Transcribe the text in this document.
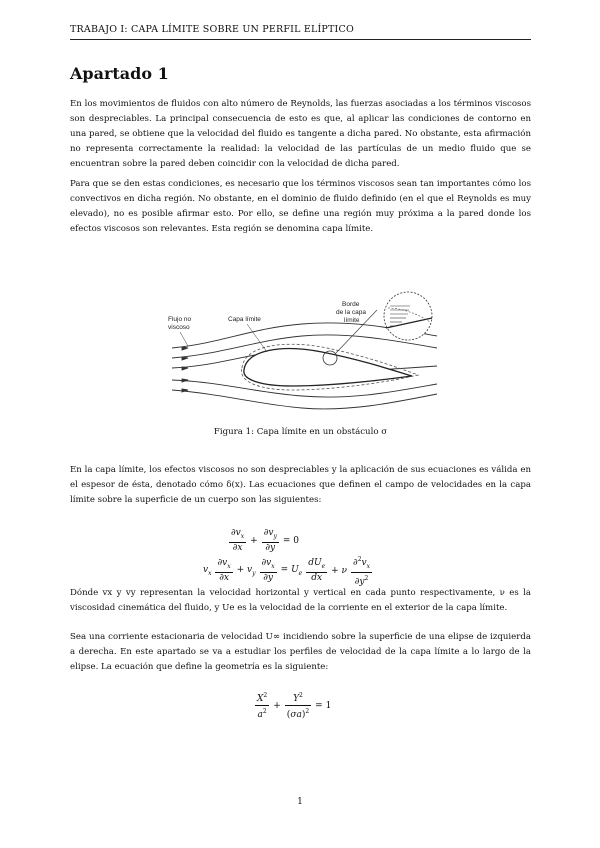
TRABAJO I: CAPA LÍMITE SOBRE UN PERFIL ELÍPTICO
Apartado 1

En los movimientos de fluidos con alto número de Reynolds, las fuerzas asociadas a los términos viscosos son despreciables. La principal consecuencia de esto es que, al aplicar las condiciones de contorno en una pared, se obtiene que la velocidad del fluido es tangente a dicha pared. No obstante, esta afirmación no representa correctamente la realidad: la velocidad de las partículas de un medio fluido que se encuentran sobre la pared deben coincidir con la velocidad de dicha pared.

Para que se den estas condiciones, es necesario que los términos viscosos sean tan importantes cómo los convectivos en dicha región. No obstante, en el dominio de fluido definido (en el que el Reynolds es muy elevado), no es posible afirmar esto. Por ello, se define una región muy próxima a la pared donde los efectos viscosos son relevantes. Esta región se denomina capa límite.

Flujo no
viscoso
Capa límite
Borde
de la capa
límite
Figura 1: Capa límite en un obstáculo σ

En la capa límite, los efectos viscosos no son despreciables y la aplicación de sus ecuaciones es válida en el espesor de ésta, denotado cómo δ(x). Las ecuaciones que definen el campo de velocidades en la capa límite sobre la superficie de un cuerpo son las siguientes:

$\frac{\partial v_x}{\partial x} + \frac{\partial v_y}{\partial y} = 0$
$v_x \frac{\partial v_x}{\partial x} + v_y \frac{\partial v_x}{\partial y} = U_e \frac{dU_e}{dx} + \nu \frac{\partial^2v_x}{\partial y^2}$

Dónde vx y vy representan la velocidad horizontal y vertical en cada punto respectivamente, ν es la viscosidad cinemática del fluido, y Ue es la velocidad de la corriente en el exterior de la capa límite.

Sea una corriente estacionaria de velocidad U∞ incidiendo sobre la superficie de una elipse de izquierda a derecha. En este apartado se va a estudiar los perfiles de velocidad de la capa límite a lo largo de la elipse. La ecuación que define la geometría es la siguiente:

$\frac{X^2}{a^2} + \frac{Y^2}{(\sigma a)^2} = 1$
1
